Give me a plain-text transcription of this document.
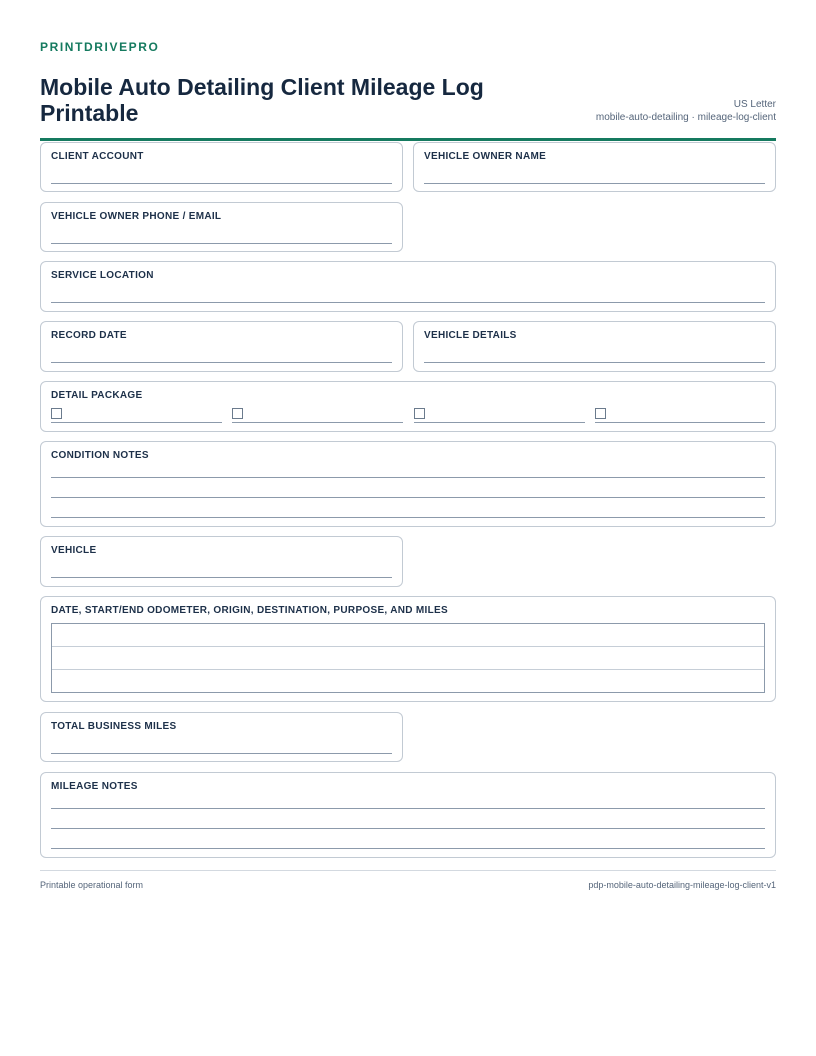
PRINTDRIVEPRO
Mobile Auto Detailing Client Mileage Log Printable	US Letter
mobile-auto-detailing · mileage-log-client
CLIENT ACCOUNT	VEHICLE OWNER NAME
VEHICLE OWNER PHONE / EMAIL
SERVICE LOCATION
RECORD DATE	VEHICLE DETAILS
DETAIL PACKAGE
CONDITION NOTES
VEHICLE
DATE, START/END ODOMETER, ORIGIN, DESTINATION, PURPOSE, AND MILES
TOTAL BUSINESS MILES
MILEAGE NOTES
Printable operational form	pdp-mobile-auto-detailing-mileage-log-client-v1
